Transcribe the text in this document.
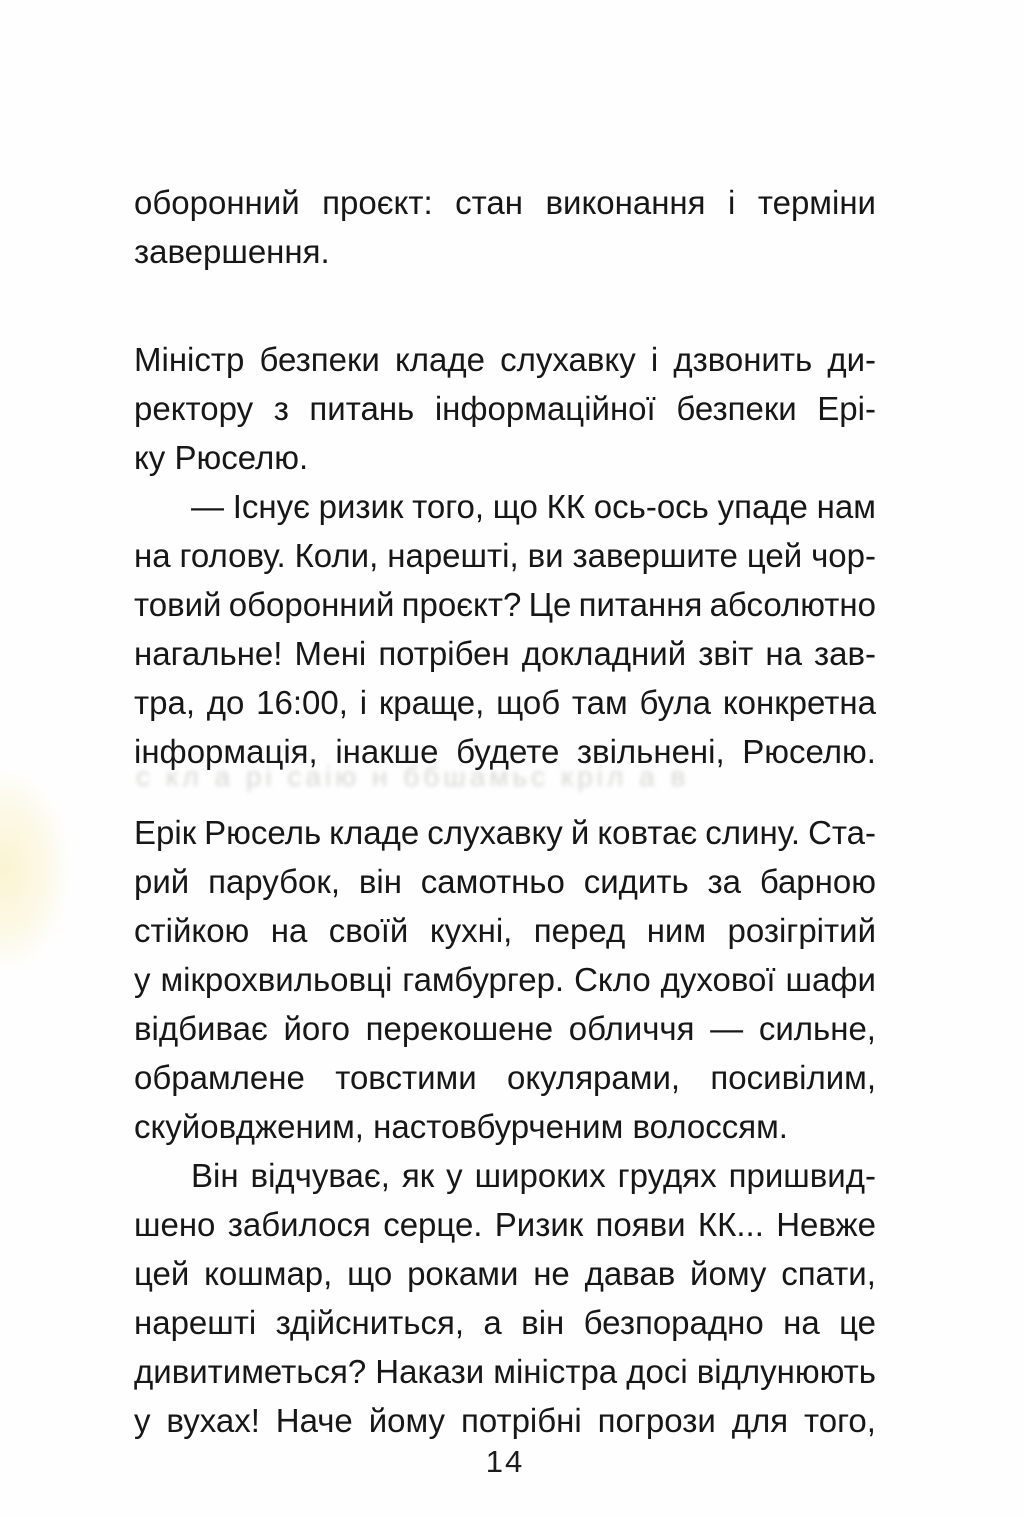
с кл а рі саію н ббшамьс кріл а в
оборонний проєкт: стан виконання і терміни
завершення.
Міністр безпеки кладе слухавку і дзвонить ди-
ректору з питань інформаційної безпеки Ері-
ку Рюселю.
— Існує ризик того, що КК ось-ось упаде нам
на голову. Коли, нарешті, ви завершите цей чор-
товий оборонний проєкт? Це питання абсолютно
нагальне! Мені потрібен докладний звіт на зав-
тра, до 16:00, і краще, щоб там була конкретна
інформація, інакше будете звільнені, Рюселю.
Ерік Рюсель кладе слухавку й ковтає слину. Ста-
рий парубок, він самотньо сидить за барною
стійкою на своїй кухні, перед ним розігрітий
у мікрохвильовці гамбургер. Скло духової шафи
відбиває його перекошене обличчя — сильне,
обрамлене товстими окулярами, посивілим,
скуйовдженим, настовбурченим волоссям.
Він відчуває, як у широких грудях пришвид-
шено забилося серце. Ризик появи КК... Невже
цей кошмар, що роками не давав йому спати,
нарешті здійсниться, а він безпорадно на це
дивитиметься? Накази міністра досі відлунюють
у вухах! Наче йому потрібні погрози для того,
14
